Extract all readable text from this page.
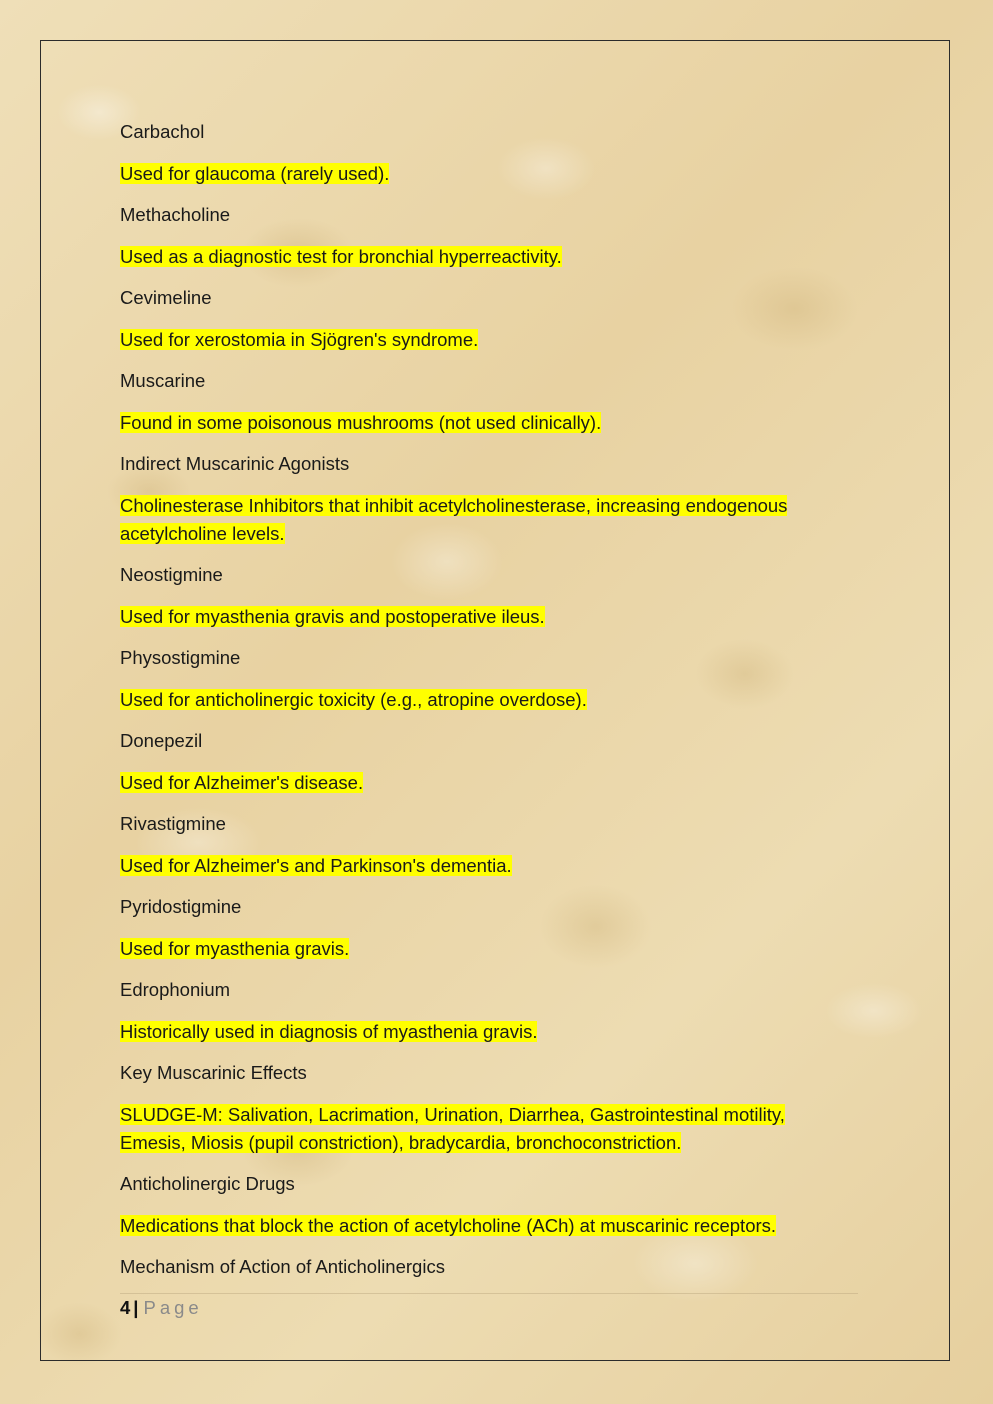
Carbachol

Used for glaucoma (rarely used).

Methacholine

Used as a diagnostic test for bronchial hyperreactivity.

Cevimeline

Used for xerostomia in Sjögren's syndrome.

Muscarine

Found in some poisonous mushrooms (not used clinically).

Indirect Muscarinic Agonists

Cholinesterase Inhibitors that inhibit acetylcholinesterase, increasing endogenous acetylcholine levels.

Neostigmine

Used for myasthenia gravis and postoperative ileus.

Physostigmine

Used for anticholinergic toxicity (e.g., atropine overdose).

Donepezil

Used for Alzheimer's disease.

Rivastigmine

Used for Alzheimer's and Parkinson's dementia.

Pyridostigmine

Used for myasthenia gravis.

Edrophonium

Historically used in diagnosis of myasthenia gravis.

Key Muscarinic Effects

SLUDGE-M: Salivation, Lacrimation, Urination, Diarrhea, Gastrointestinal motility, Emesis, Miosis (pupil constriction), bradycardia, bronchoconstriction.

Anticholinergic Drugs

Medications that block the action of acetylcholine (ACh) at muscarinic receptors.

Mechanism of Action of Anticholinergics

4 | Page
